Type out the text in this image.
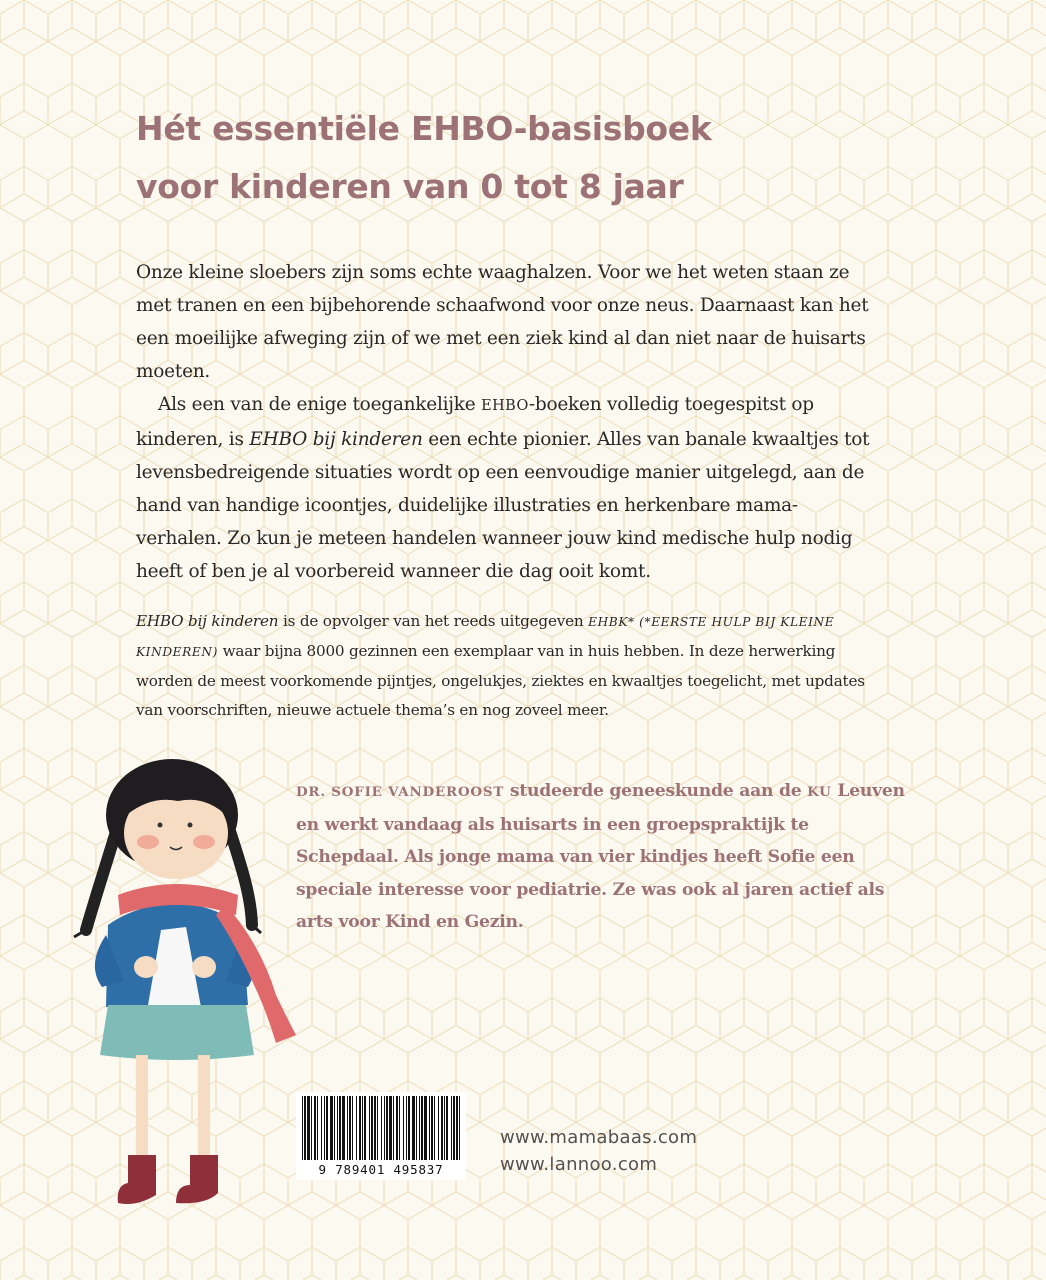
Hét essentiële EHBO-basisboek
voor kinderen van 0 tot 8 jaar

Onze kleine sloebers zijn soms echte waaghalzen. Voor we het weten staan ze met tranen en een bijbehorende schaafwond voor onze neus. Daarnaast kan het een moeilijke afweging zijn of we met een ziek kind al dan niet naar de huisarts moeten.

Als een van de enige toegankelijke EHBO-boeken volledig toegespitst op kinderen, is EHBO bij kinderen een echte pionier. Alles van banale kwaaltjes tot levensbedreigende situaties wordt op een eenvoudige manier uitgelegd, aan de hand van handige icoontjes, duidelijke illustraties en herkenbare mama-verhalen. Zo kun je meteen handelen wanneer jouw kind medische hulp nodig heeft of ben je al voorbereid wanneer die dag ooit komt.

EHBO bij kinderen is de opvolger van het reeds uitgegeven EHBK* (*EERSTE HULP BIJ KLEINE KINDEREN) waar bijna 8000 gezinnen een exemplaar van in huis hebben. In deze herwerking worden de meest voorkomende pijntjes, ongelukjes, ziektes en kwaaltjes toegelicht, met updates van voorschriften, nieuwe actuele thema’s en nog zoveel meer.

DR. SOFIE VANDEROOST studeerde geneeskunde aan de KU Leuven en werkt vandaag als huisarts in een groepspraktijk te Schepdaal. Als jonge mama van vier kindjes heeft Sofie een speciale interesse voor pediatrie. Ze was ook al jaren actief als arts voor Kind en Gezin.

9 789401 495837
www.mamabaas.com
www.lannoo.com
